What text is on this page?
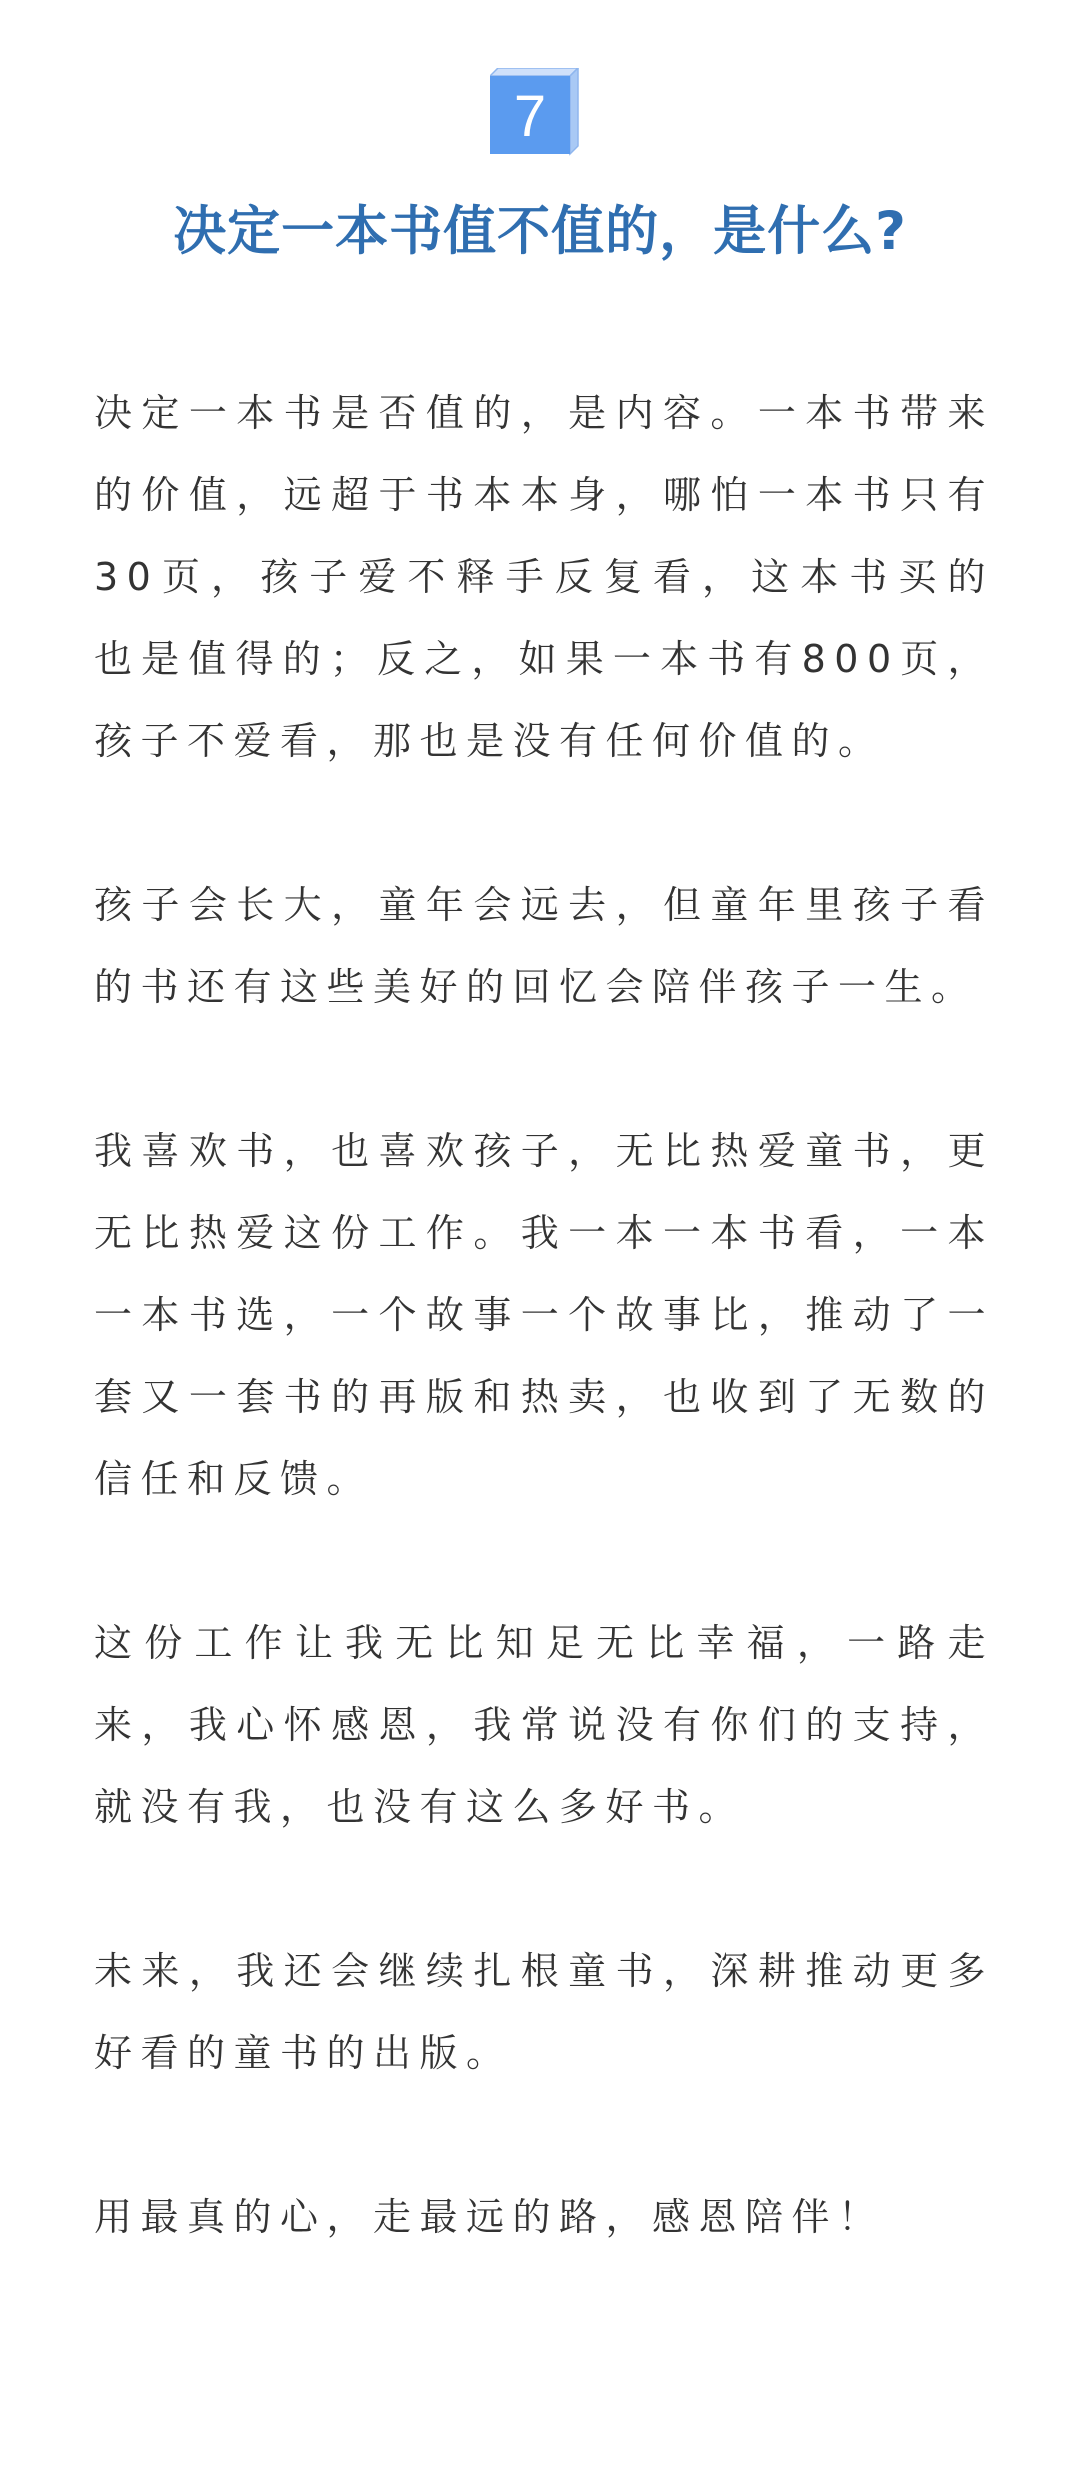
7
决定一本书值不值的，是什么?

决定一本书是否值的，是内容。一本书带来的价值，远超于书本本身，哪怕一本书只有30页，孩子爱不释手反复看，这本书买的也是值得的；反之，如果一本书有800页，孩子不爱看，那也是没有任何价值的。

孩子会长大，童年会远去，但童年里孩子看的书还有这些美好的回忆会陪伴孩子一生。

我喜欢书，也喜欢孩子，无比热爱童书，更无比热爱这份工作。我一本一本书看，一本一本书选，一个故事一个故事比，推动了一套又一套书的再版和热卖，也收到了无数的信任和反馈。

这份工作让我无比知足无比幸福，一路走来，我心怀感恩，我常说没有你们的支持，就没有我，也没有这么多好书。

未来，我还会继续扎根童书，深耕推动更多好看的童书的出版。

用最真的心，走最远的路，感恩陪伴！
